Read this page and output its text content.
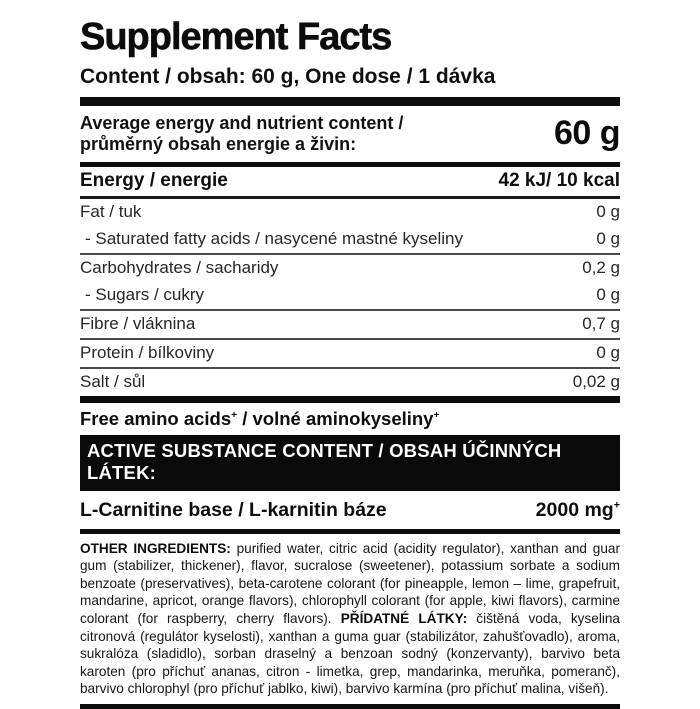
Supplement Facts
Content / obsah: 60 g, One dose / 1 dávka
Average energy and nutrient content /
průměrný obsah energie a živin:	60 g
Energy / energie	42 kJ/ 10 kcal
Fat / tuk	0 g
- Saturated fatty acids / nasycené mastné kyseliny	0 g
Carbohydrates / sacharidy	0,2 g
- Sugars / cukry	0 g
Fibre / vláknina	0,7 g
Protein / bílkoviny	0 g
Salt / sůl	0,02 g
Free amino acids+ / volné aminokyseliny+
ACTIVE SUBSTANCE CONTENT / OBSAH ÚČINNÝCH LÁTEK:
L-Carnitine base / L-karnitin báze	2000 mg+

OTHER INGREDIENTS: purified water, citric acid (acidity regulator), xanthan and guar gum (stabilizer, thickener), flavor, sucralose (sweetener), potassium sorbate a sodium benzoate (preservatives), beta-carotene colorant (for pineapple, lemon – lime, grapefruit, mandarine, apricot, orange flavors), chlorophyll colorant (for apple, kiwi flavors), carmine colorant (for raspberry, cherry flavors). PŘÍDATNÉ LÁTKY: čištěná voda, kyselina citronová (regulátor kyselosti), xanthan a guma guar (stabilizátor, zahušťovadlo), aroma, sukralóza (sladidlo), sorban draselný a benzoan sodný (konzervanty), barvivo beta karoten (pro příchuť ananas, citron - limetka, grep, mandarinka, meruňka, pomeranč), barvivo chlorophyl (pro příchuť jablko, kiwi), barvivo karmína (pro příchuť malina, višeň).
